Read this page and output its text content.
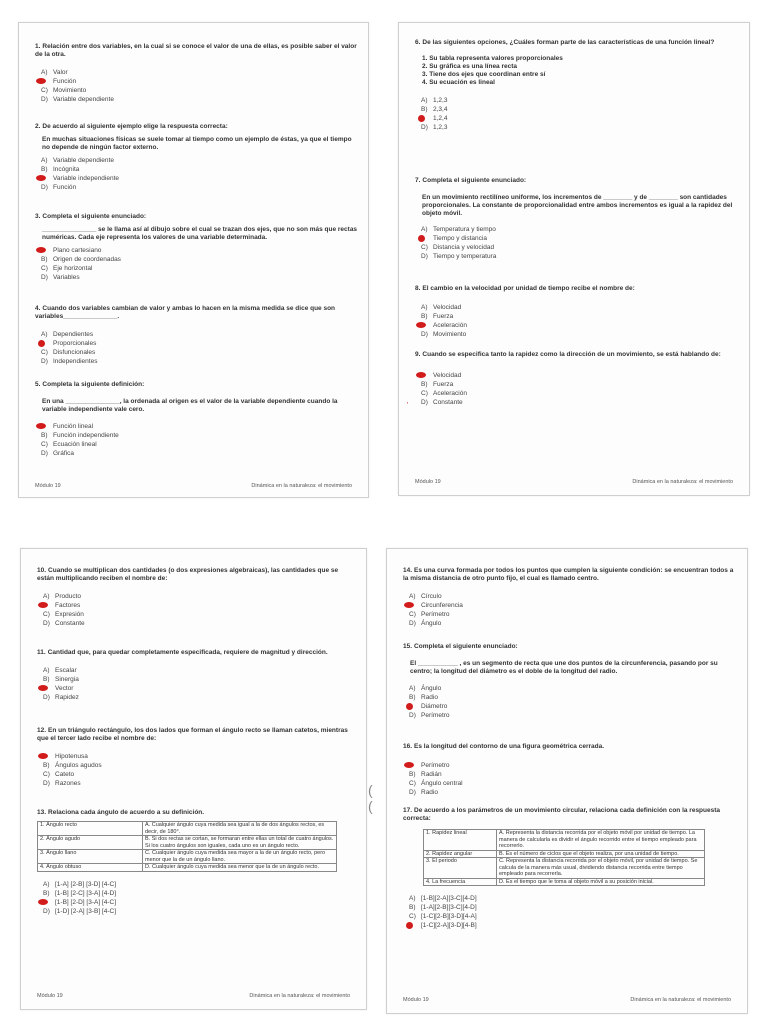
1. Relación entre dos variables, en la cual si se conoce el valor de una de ellas, es posible saber el valor de la otra.
A) Valor
Función
C) Movimiento
D) Variable dependiente
2. De acuerdo al siguiente ejemplo elige la respuesta correcta:
En muchas situaciones físicas se suele tomar al tiempo como un ejemplo de éstas, ya que el tiempo no depende de ningún factor externo.
A) Variable dependiente
B) Incógnita
Variable independiente
D) Función
3. Completa el siguiente enunciado:
_______________ se le llama así al dibujo sobre el cual se trazan dos ejes, que no son más que rectas numéricas. Cada eje representa los valores de una variable determinada.
Plano cartesiano
B) Origen de coordenadas
C) Eje horizontal
D) Variables
4. Cuando dos variables cambian de valor y ambas lo hacen en la misma medida se dice que son variables_______________.
A) Dependientes
Proporcionales
C) Disfuncionales
D) Independientes
5. Completa la siguiente definición:
En una _______________, la ordenada al origen es el valor de la variable dependiente cuando la variable independiente vale cero.
Función lineal
B) Función independiente
C) Ecuación lineal
D) Gráfica
Módulo 19	Dinámica en la naturaleza: el movimiento
6. De las siguientes opciones, ¿Cuáles forman parte de las características de una función lineal?
1. Su tabla representa valores proporcionales
2. Su gráfica es una línea recta
3. Tiene dos ejes que coordinan entre sí
4. Su ecuación es lineal
A) 1,2,3
B) 2,3,4
1,2,4
D) 1,2,3
7. Completa el siguiente enunciado:
En un movimiento rectilíneo uniforme, los incrementos de ________ y de ________ son cantidades proporcionales. La constante de proporcionalidad entre ambos incrementos es igual a la rapidez del objeto móvil.
A) Temperatura y tiempo
Tiempo y distancia
C) Distancia y velocidad
D) Tiempo y temperatura
8. El cambio en la velocidad por unidad de tiempo recibe el nombre de:
A) Velocidad
B) Fuerza
Aceleración
D) Movimiento
9. Cuando se especifica tanto la rapidez como la dirección de un movimiento, se está hablando de:
Velocidad
B) Fuerza
C) Aceleración
D) Constante
'
Módulo 19	Dinámica en la naturaleza: el movimiento
10. Cuando se multiplican dos cantidades (o dos expresiones algebraicas), las cantidades que se están multiplicando reciben el nombre de:
A) Producto
Factores
C) Expresión
D) Constante
11. Cantidad que, para quedar completamente especificada, requiere de magnitud y dirección.
A) Escalar
B) Sinergia
Vector
D) Rapidez
12. En un triángulo rectángulo, los dos lados que forman el ángulo recto se llaman catetos, mientras que el tercer lado recibe el nombre de:
Hipotenusa
B) Ángulos agudos
C) Cateto
D) Razones
13. Relaciona cada ángulo de acuerdo a su definición.
1. Ángulo recto	A. Cualquier ángulo cuya medida sea igual a la de dos ángulos rectos, es decir, de 180°.
2. Ángulo agudo	B. Si dos rectas se cortan, se formaran entre ellas un total de cuatro ángulos. Si los cuatro ángulos son iguales, cada uno es un ángulo recto.
3. Ángulo llano	C. Cualquier ángulo cuya medida sea mayor a la de un ángulo recto, pero menor que la de un ángulo llano.
4. Ángulo obtuso	D. Cualquier ángulo cuya medida sea menor que la de un ángulo recto.
A) [1-A] [2-B] [3-D] [4-C]
B) [1-B] [2-C] [3-A] [4-D]
[1-B] [2-D] [3-A] [4-C]
D) [1-D] [2-A] [3-B] [4-C]
Módulo 19	Dinámica en la naturaleza: el movimiento
(
(
14. Es una curva formada por todos los puntos que cumplen la siguiente condición: se encuentran todos a la misma distancia de otro punto fijo, el cual es llamado centro.
A) Círculo
Circunferencia
C) Perímetro
D) Ángulo
15. Completa el siguiente enunciado:
El ___________ , es un segmento de recta que une dos puntos de la circunferencia, pasando por su centro; la longitud del diámetro es el doble de la longitud del radio.
A) Ángulo
B) Radio
Diámetro
D) Perímetro
16. Es la longitud del contorno de una figura geométrica cerrada.
Perímetro
B) Radián
C) Ángulo central
D) Radio
17. De acuerdo a los parámetros de un movimiento circular, relaciona cada definición con la respuesta correcta:
1. Rapidez lineal	A. Representa la distancia recorrida por el objeto móvil por unidad de tiempo. La manera de calcularla es dividir el ángulo recorrido entre el tiempo empleado para recorrerlo.
2. Rapidez angular	B. Es el número de ciclos que el objeto realiza, por una unidad de tiempo.
3. El periodo	C. Representa la distancia recorrida por el objeto móvil, por unidad de tiempo. Se calcula de la manera más usual, dividiendo distancia recorrida entre tiempo empleado para recorrerla.
4. La frecuencia	D. Es el tiempo que le toma al objeto móvil a su posición inicial.
A) [1-B][2-A][3-C][4-D]
B) [1-A][2-B][3-C][4-D]
C) [1-C][2-B][3-D][4-A]
[1-C][2-A][3-D][4-B]
Módulo 19	Dinámica en la naturaleza: el movimiento
